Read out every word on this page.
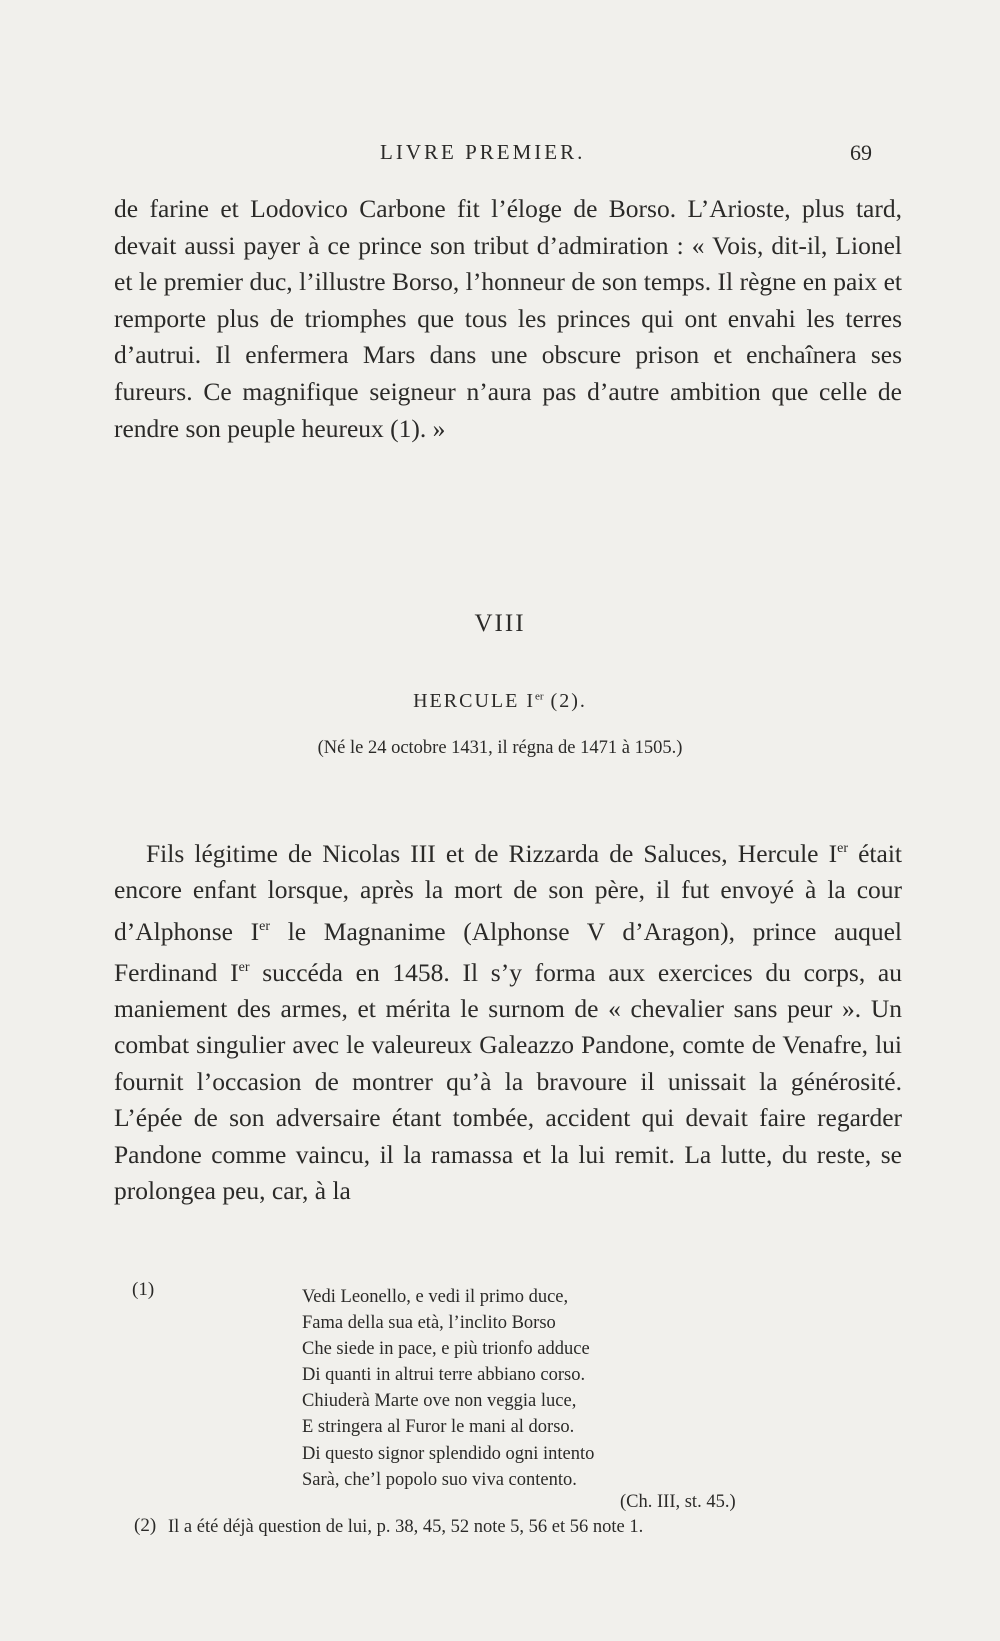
LIVRE PREMIER.	69

de farine et Lodovico Carbone fit l’éloge de Borso. L’Arioste, plus tard, devait aussi payer à ce prince son tribut d’admiration : « Vois, dit-il, Lionel et le premier duc, l’illustre Borso, l’honneur de son temps. Il règne en paix et remporte plus de triomphes que tous les princes qui ont envahi les terres d’autrui. Il enfermera Mars dans une obscure prison et enchaînera ses fureurs. Ce magnifique seigneur n’aura pas d’autre ambition que celle de rendre son peuple heureux (1). »

VIII
HERCULE Ier (2).
(Né le 24 octobre 1431, il régna de 1471 à 1505.)

Fils légitime de Nicolas III et de Rizzarda de Saluces, Hercule Ier était encore enfant lorsque, après la mort de son père, il fut envoyé à la cour d’Alphonse Ier le Magnanime (Alphonse V d’Aragon), prince auquel Ferdinand Ier succéda en 1458. Il s’y forma aux exercices du corps, au maniement des armes, et mérita le surnom de « chevalier sans peur ». Un combat singulier avec le valeureux Galeazzo Pandone, comte de Venafre, lui fournit l’occasion de montrer qu’à la bravoure il unissait la générosité. L’épée de son adversaire étant tombée, accident qui devait faire regarder Pandone comme vaincu, il la ramassa et la lui remit. La lutte, du reste, se prolongea peu, car, à la

(1)	Vedi Leonello, e vedi il primo duce,
Fama della sua età, l’inclito Borso
Che siede in pace, e più trionfo adduce
Di quanti in altrui terre abbiano corso.
Chiuderà Marte ove non veggia luce,
E stringera al Furor le mani al dorso.
Di questo signor splendido ogni intento
Sarà, che’l popolo suo viva contento.
(Ch. III, st. 45.)
(2) Il a été déjà question de lui, p. 38, 45, 52 note 5, 56 et 56 note 1.
